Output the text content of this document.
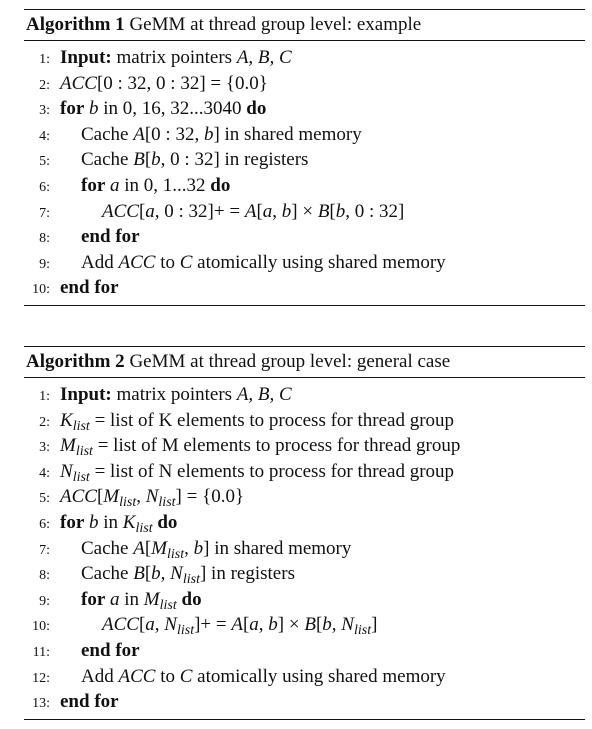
Algorithm 1 GeMM at thread group level: example
1: Input: matrix pointers A, B, C
2: ACC[0 : 32, 0 : 32] = {0.0}
3: for b in 0, 16, 32...3040 do
4: Cache A[0 : 32, b] in shared memory
5: Cache B[b, 0 : 32] in registers
6: for a in 0, 1...32 do
7:	ACC[a, 0 : 32]+ = A[a, b] × B[b, 0 : 32]
8: end for
9: Add ACC to C atomically using shared memory
10: end for
Algorithm 2 GeMM at thread group level: general case
1: Input: matrix pointers A, B, C
2: $K_{list}$ = list of K elements to process for thread group
3: $M_{list}$ = list of M elements to process for thread group
4: $N_{list}$ = list of N elements to process for thread group
5: $ACC[M_{list}$, $N_{list}] = \{0.0\}$
6: for b in $K_{list}$ do
7: Cache $A[M_{list}$, b] in shared memory
8: Cache B[b, $N_{list}$] in registers
9: for a in $M_{list}$ do
10:	ACC[a, $N_{list}]+ = A[a$, b] × B[b, $N_{list}$]
11: end for
12: Add ACC to C atomically using shared memory
13: end for
